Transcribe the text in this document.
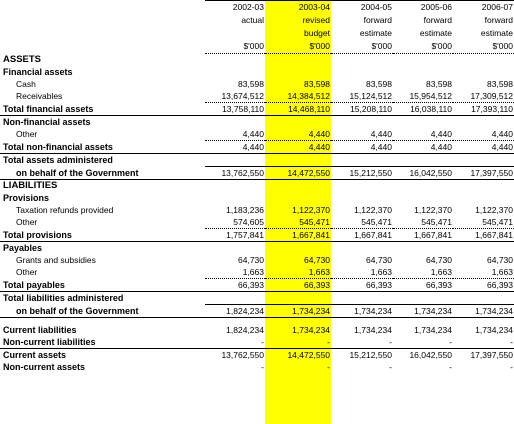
	2002-03	2003-04	2004-05	2005-06	2006-07
	actual	revised	forward	forward	forward
		budget	estimate	estimate	estimate
	$'000	$'000	$'000	$'000	$'000
ASSETS					
Financial assets					
Cash	83,598	83,598	83,598	83,598	83,598
Receivables	13,674,512	14,384,512	15,124,512	15,954,512	17,309,512
Total financial assets	13,758,110	14,468,110	15,208,110	16,038,110	17,393,110
Non-financial assets					
Other	4,440	4,440	4,440	4,440	4,440
Total non-financial assets	4,440	4,440	4,440	4,440	4,440
Total assets administered					
on behalf of the Government	13,762,550	14,472,550	15,212,550	16,042,550	17,397,550
LIABILITIES					
Provisions					
Taxation refunds provided	1,183,236	1,122,370	1,122,370	1,122,370	1,122,370
Other	574,605	545,471	545,471	545,471	545,471
Total provisions	1,757,841	1,667,841	1,667,841	1,667,841	1,667,841
Payables					
Grants and subsidies	64,730	64,730	64,730	64,730	64,730
Other	1,663	1,663	1,663	1,663	1,663
Total payables	66,393	66,393	66,393	66,393	66,393
Total liabilities administered					
on behalf of the Government	1,824,234	1,734,234	1,734,234	1,734,234	1,734,234

Current liabilities	1,824,234	1,734,234	1,734,234	1,734,234	1,734,234
Non-current liabilities	-	-	-	-	-
Current assets	13,762,550	14,472,550	15,212,550	16,042,550	17,397,550
Non-current assets	-	-	-	-	-
